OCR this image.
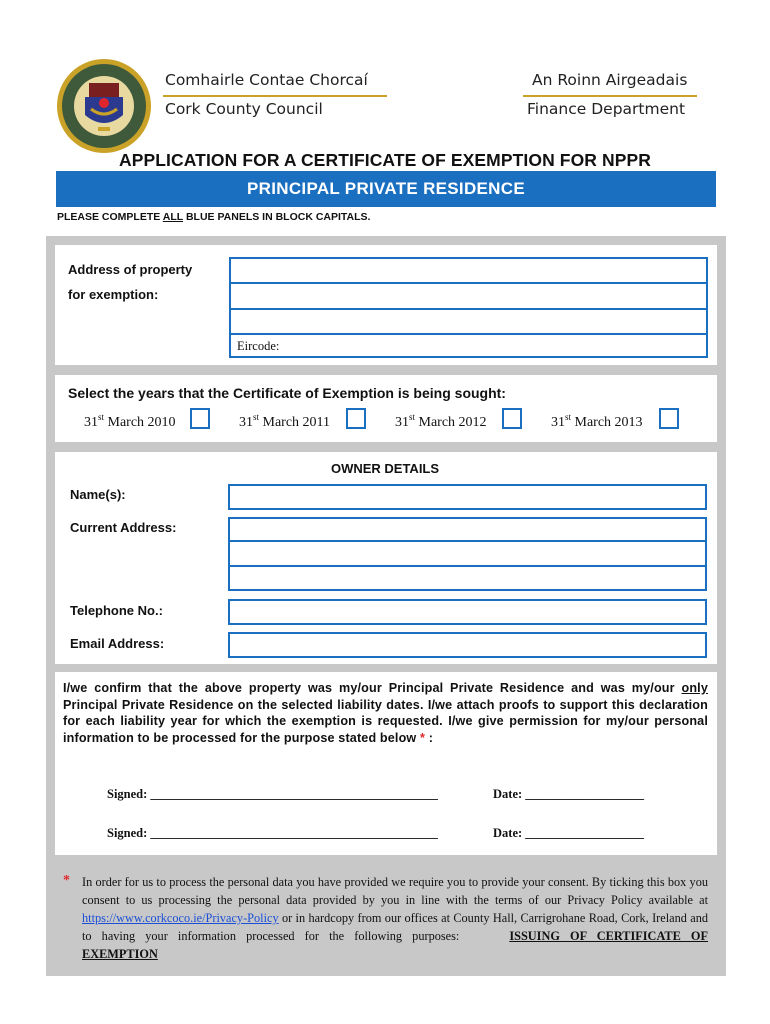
Comhairle Contae Chorcaí
Cork County Council
An Roinn Airgeadais
Finance Department
APPLICATION FOR A CERTIFICATE OF EXEMPTION FOR NPPR
PRINCIPAL PRIVATE RESIDENCE
PLEASE COMPLETE ALL BLUE PANELS IN BLOCK CAPITALS.
Address of property
for exemption:
Eircode:
Select the years that the Certificate of Exemption is being sought:
31st March 2010	31st March 2011	31st March 2012	31st March 2013
OWNER DETAILS
Name(s):
Current Address:
Telephone No.:
Email Address:
I/we confirm that the above property was my/our Principal Private Residence and was my/our only Principal Private Residence on the selected liability dates. I/we attach proofs to support this declaration for each liability year for which the exemption is requested. I/we give permission for my/our personal information to be processed for the purpose stated below * :
Signed: ______________________________________________	Date: ___________________
Signed: ______________________________________________	Date: ___________________
* In order for us to process the personal data you have provided we require you to provide your consent. By ticking this box you consent to us processing the personal data provided by you in line with the terms of our Privacy Policy available at https://www.corkcoco.ie/Privacy-Policy or in hardcopy from our offices at County Hall, Carrigrohane Road, Cork, Ireland and to having your information processed for the following purposes:	ISSUING OF CERTIFICATE OF EXEMPTION
